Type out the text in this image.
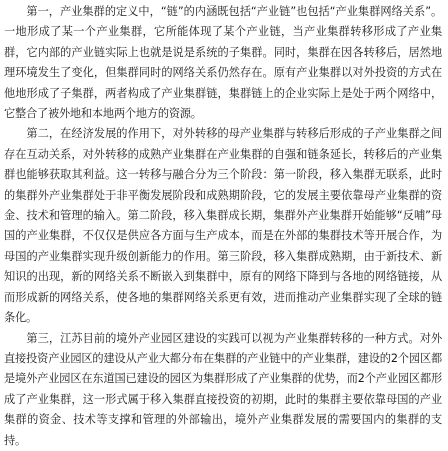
第一，产业集群的定义中，“链”的内涵既包括“产业链”也包括“产业集群网络关系”。一地形成了某一个产业集群，它所能体现了某个产业链，当产业集群转移形成了产业集群，它内部的产业链实际上也就是说是系统的子集群。同时，集群在因各转移后，居然地理环境发生了变化，但集群同时的网络关系仍然存在。原有产业集群以对外投资的方式在他地形成了子集群，两者构成了产业集群链，集群链上的企业实际上是处于两个网络中，它整合了被外地和本地两个地方的资源。

第二，在经济发展的作用下，对外转移的母产业集群与转移后形成的子产业集群之间存在互动关系，对外转移的成熟产业集群在产业集群的自强和链条延长，转移后的产业集群也能够获取其利益。这一转移与融合分为三个阶段：第一阶段，移入集群无联系，此时的集群外产业集群处于非平衡发展阶段和成熟期阶段，它的发展主要依靠母产业集群的资金、技术和管理的输入。第二阶段，移入集群成长期，集群外产业集群开始能够“反哺”母国的产业集群，不仅仅是供应各方面与生产成本，而是在外部的集群技术等开展合作，为母国的产业集群实现升级创新能力的作用。第三阶段，移入集群成熟期，由于新技术、新知识的出现，新的网络关系不断嵌入到集群中，原有的网络下降到与各地的网络链接，从而形成新的网络关系，使各地的集群网络关系更有效，进而推动产业集群实现了全球的链条化。

第三，江苏目前的境外产业园区建设的实践可以视为产业集群转移的一种方式。对外直接投资产业园区的建设从产业大都分布在集群的产业链中的产业集群，建设的2个园区都是境外产业园区在东道国已建设的园区为集群形成了产业集群的优势，而2个产业园区都形成了产业集群，这一形式属于移入集群直接投资的初期，此时的集群主要依靠母国的产业集群的资金、技术等支撑和管理的外部输出，境外产业集群发展的需要国内的集群的支持。
